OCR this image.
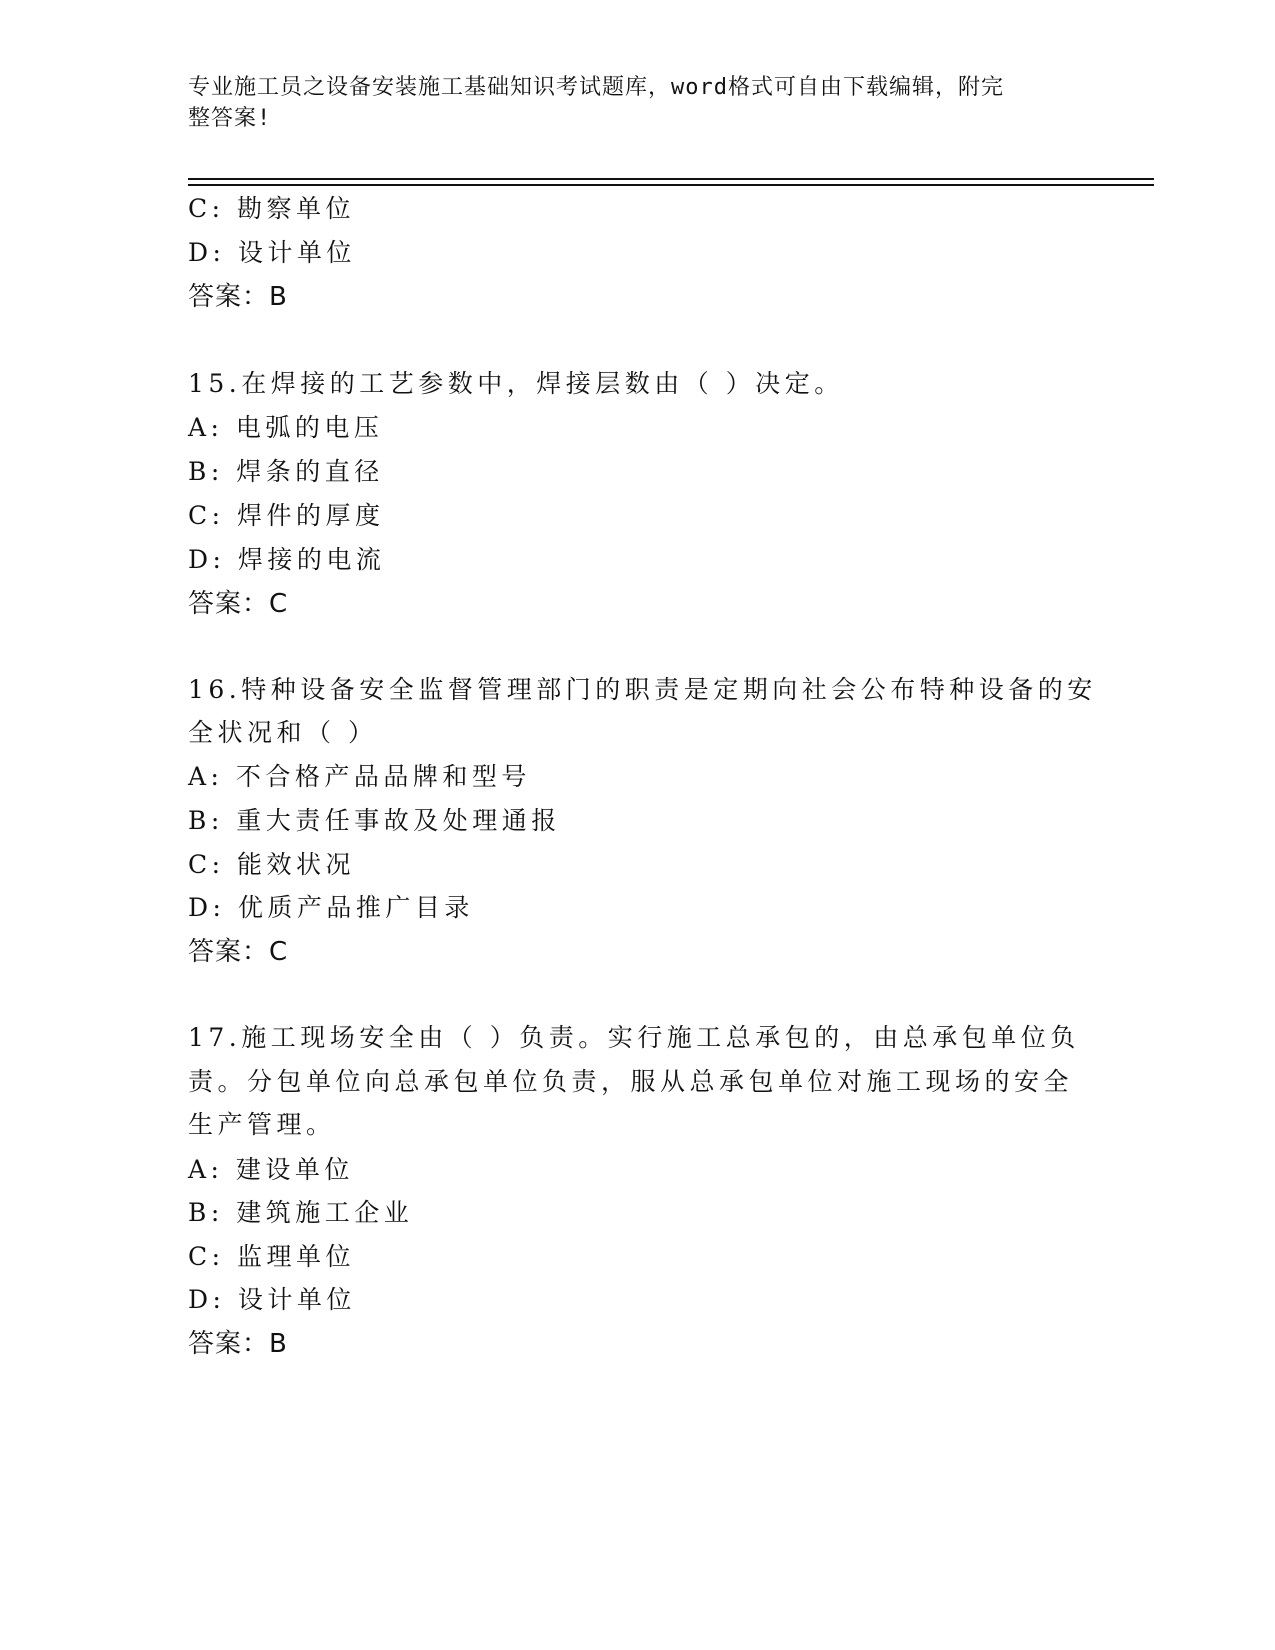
专业施工员之设备安装施工基础知识考试题库，word格式可自由下载编辑，附完
整答案!
C: 勘察单位
D: 设计单位
答案：B
15.在焊接的工艺参数中，焊接层数由（ ）决定。
A: 电弧的电压
B: 焊条的直径
C: 焊件的厚度
D: 焊接的电流
答案：C
16.特种设备安全监督管理部门的职责是定期向社会公布特种设备的安
全状况和（ ）
A: 不合格产品品牌和型号
B: 重大责任事故及处理通报
C: 能效状况
D: 优质产品推广目录
答案：C
17.施工现场安全由（ ）负责。实行施工总承包的，由总承包单位负
责。分包单位向总承包单位负责，服从总承包单位对施工现场的安全
生产管理。
A: 建设单位
B: 建筑施工企业
C: 监理单位
D: 设计单位
答案：B
